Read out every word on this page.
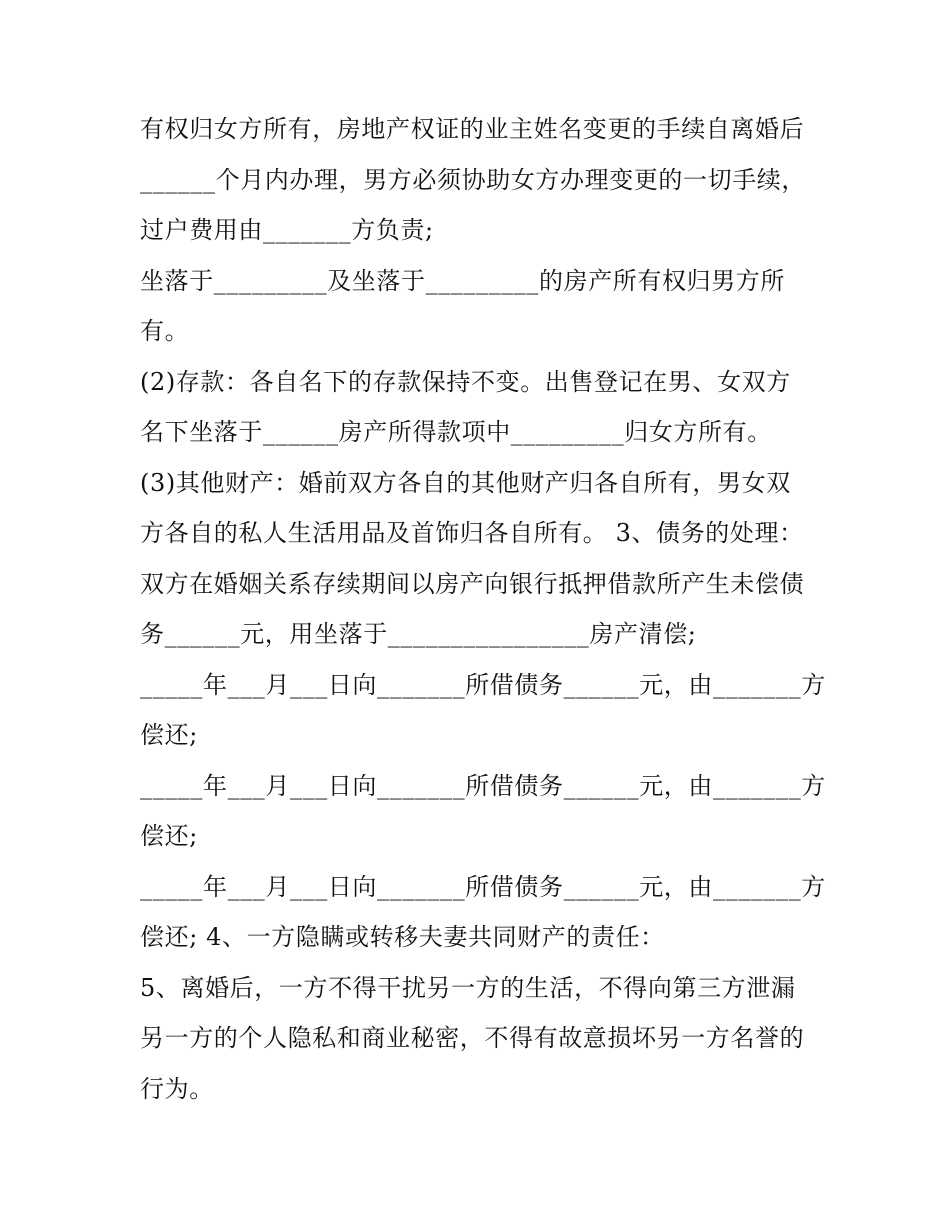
有权归女方所有，房地产权证的业主姓名变更的手续自离婚后
______个月内办理，男方必须协助女方办理变更的一切手续，
过户费用由_______方负责;
坐落于_________及坐落于_________的房产所有权归男方所
有。
(2)存款：各自名下的存款保持不变。出售登记在男、女双方
名下坐落于______房产所得款项中_________归女方所有。
(3)其他财产：婚前双方各自的其他财产归各自所有，男女双
方各自的私人生活用品及首饰归各自所有。 3、债务的处理：
双方在婚姻关系存续期间以房产向银行抵押借款所产生未偿债
务______元，用坐落于________________房产清偿;
_____年___月___日向_______所借债务______元，由_______方
偿还;
_____年___月___日向_______所借债务______元，由_______方
偿还;
_____年___月___日向_______所借债务______元，由_______方
偿还; 4、一方隐瞒或转移夫妻共同财产的责任：
5、离婚后，一方不得干扰另一方的生活，不得向第三方泄漏
另一方的个人隐私和商业秘密，不得有故意损坏另一方名誉的
行为。
